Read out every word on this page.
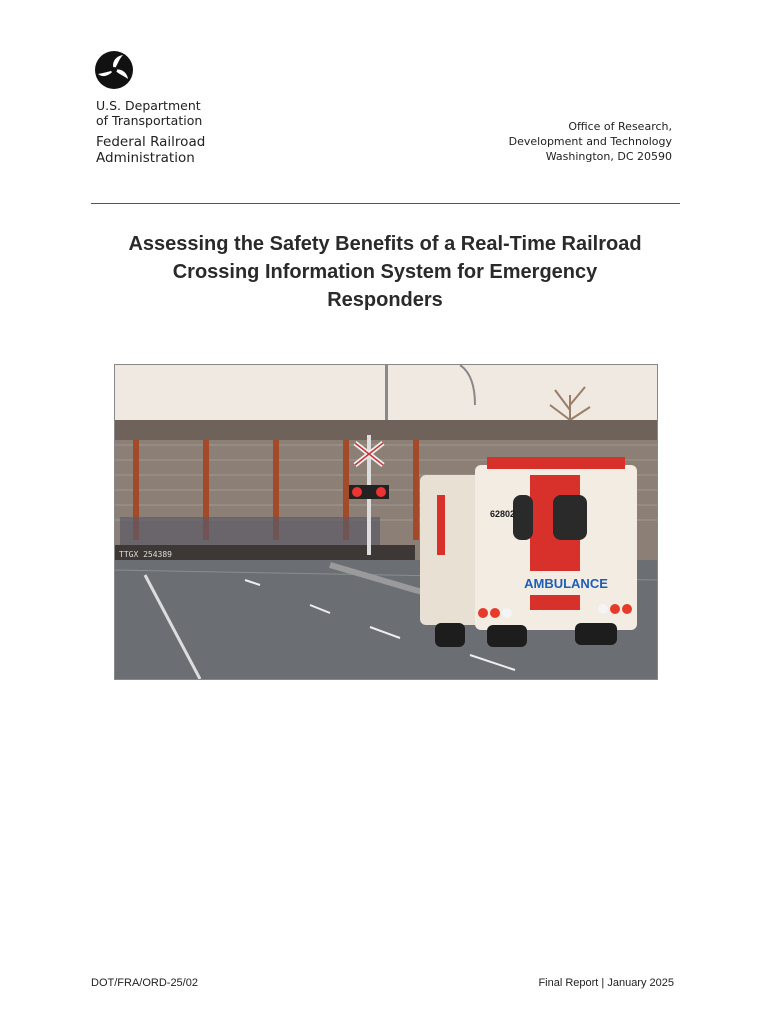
U.S. Department
of Transportation
Federal Railroad
Administration
Office of Research,
Development and Technology
Washington, DC 20590
Assessing the Safety Benefits of a Real-Time Railroad
Crossing Information System for Emergency
Responders
TTGX 254389
AMBULANCE
62802
DOT/FRA/ORD-25/02	Final Report | January 2025
